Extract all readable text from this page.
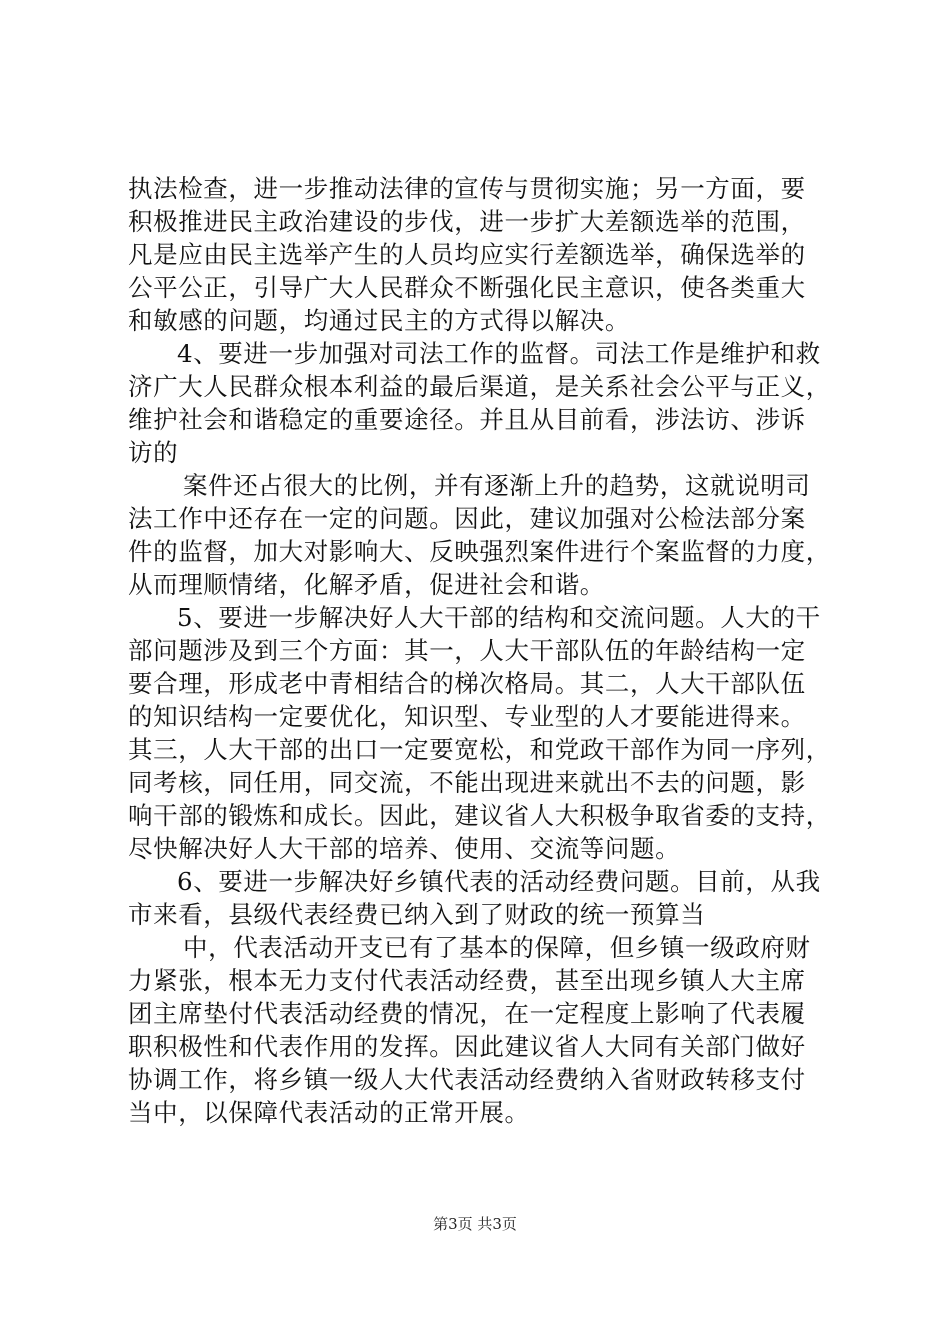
执法检查，进一步推动法律的宣传与贯彻实施；另一方面，要
积极推进民主政治建设的步伐，进一步扩大差额选举的范围，
凡是应由民主选举产生的人员均应实行差额选举，确保选举的
公平公正，引导广大人民群众不断强化民主意识，使各类重大
和敏感的问题，均通过民主的方式得以解决。
4、要进一步加强对司法工作的监督。司法工作是维护和救
济广大人民群众根本利益的最后渠道，是关系社会公平与正义，
维护社会和谐稳定的重要途径。并且从目前看，涉法访、涉诉
访的
案件还占很大的比例，并有逐渐上升的趋势，这就说明司
法工作中还存在一定的问题。因此，建议加强对公检法部分案
件的监督，加大对影响大、反映强烈案件进行个案监督的力度，
从而理顺情绪，化解矛盾，促进社会和谐。
5、要进一步解决好人大干部的结构和交流问题。人大的干
部问题涉及到三个方面：其一，人大干部队伍的年龄结构一定
要合理，形成老中青相结合的梯次格局。其二，人大干部队伍
的知识结构一定要优化，知识型、专业型的人才要能进得来。
其三，人大干部的出口一定要宽松，和党政干部作为同一序列，
同考核，同任用，同交流，不能出现进来就出不去的问题，影
响干部的锻炼和成长。因此，建议省人大积极争取省委的支持，
尽快解决好人大干部的培养、使用、交流等问题。
6、要进一步解决好乡镇代表的活动经费问题。目前，从我
市来看，县级代表经费已纳入到了财政的统一预算当
中，代表活动开支已有了基本的保障，但乡镇一级政府财
力紧张，根本无力支付代表活动经费，甚至出现乡镇人大主席
团主席垫付代表活动经费的情况，在一定程度上影响了代表履
职积极性和代表作用的发挥。因此建议省人大同有关部门做好
协调工作，将乡镇一级人大代表活动经费纳入省财政转移支付
当中，以保障代表活动的正常开展。
第3页 共3页
